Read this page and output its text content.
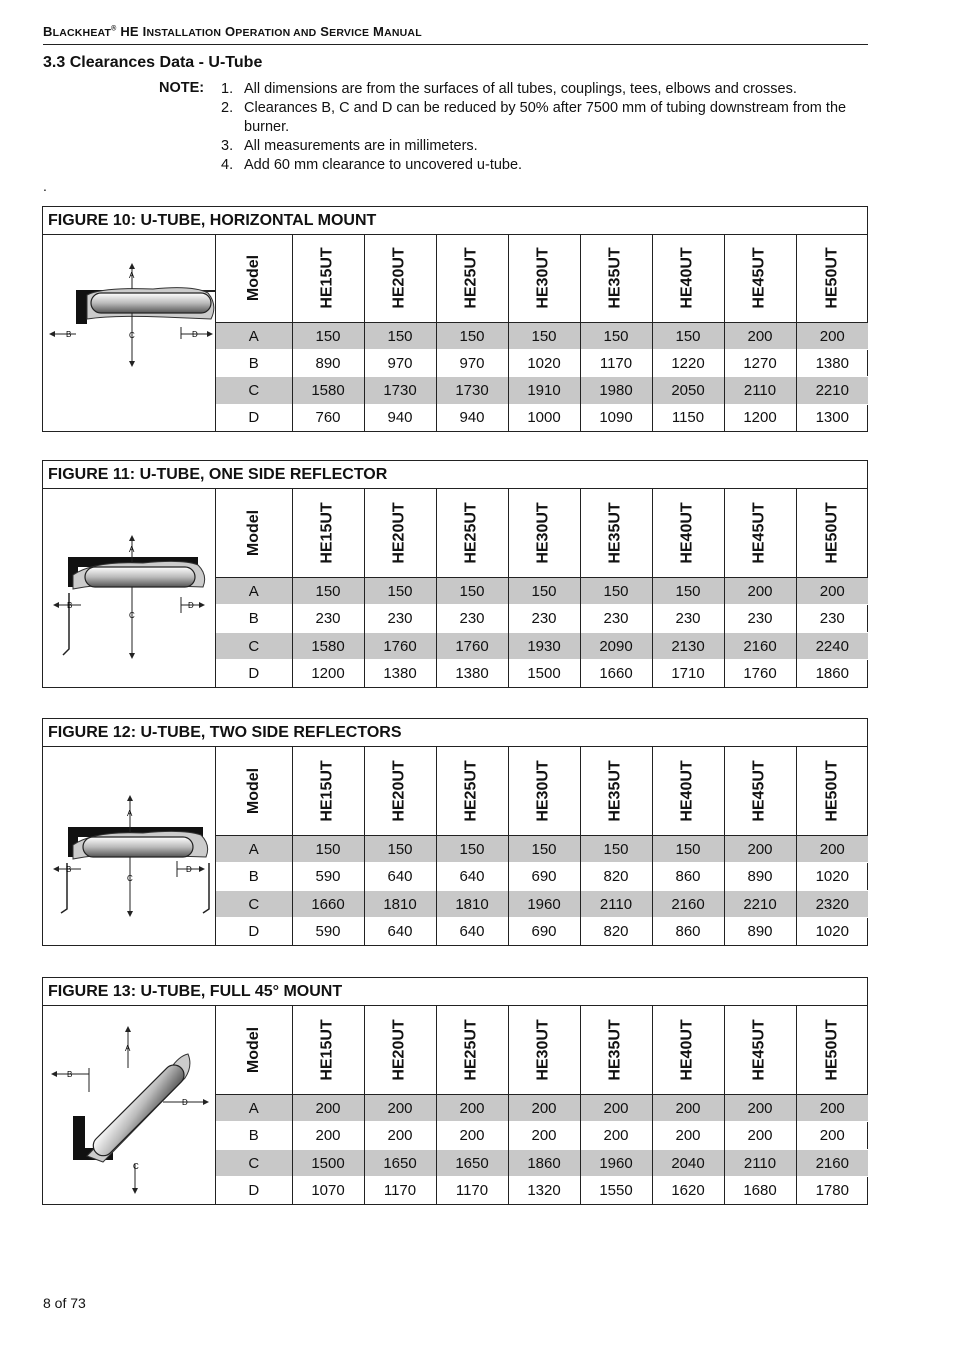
BLACKHEAT® HE INSTALLATION OPERATION AND SERVICE MANUAL
3.3 Clearances Data - U-Tube
NOTE: 1. All dimensions are from the surfaces of all tubes, couplings, tees, elbows and crosses.
2. Clearances B, C and D can be reduced by 50% after 7500 mm of tubing downstream from the burner.
3. All measurements are in millimeters.
4. Add 60 mm clearance to uncovered u-tube.
.
FIGURE 10: U-TUBE, HORIZONTAL MOUNT
A
C
B	D
Model	HE15UT	HE20UT	HE25UT	HE30UT	HE35UT	HE40UT	HE45UT	HE50UT
A	150	150	150	150	150	150	200	200
B	890	970	970	1020	1170	1220	1270	1380
C	1580	1730	1730	1910	1980	2050	2110	2210
D	760	940	940	1000	1090	1150	1200	1300
FIGURE 11: U-TUBE, ONE SIDE REFLECTOR
A
C
B	D
Model	HE15UT	HE20UT	HE25UT	HE30UT	HE35UT	HE40UT	HE45UT	HE50UT
A	150	150	150	150	150	150	200	200
B	230	230	230	230	230	230	230	230
C	1580	1760	1760	1930	2090	2130	2160	2240
D	1200	1380	1380	1500	1660	1710	1760	1860
FIGURE 12: U-TUBE, TWO SIDE REFLECTORS
A
C
B	D
Model	HE15UT	HE20UT	HE25UT	HE30UT	HE35UT	HE40UT	HE45UT	HE50UT
A	150	150	150	150	150	150	200	200
B	590	640	640	690	820	860	890	1020
C	1660	1810	1810	1960	2110	2160	2210	2320
D	590	640	640	690	820	860	890	1020
FIGURE 13: U-TUBE, FULL 45° MOUNT
A
C
B
D
Model	HE15UT	HE20UT	HE25UT	HE30UT	HE35UT	HE40UT	HE45UT	HE50UT
A	200	200	200	200	200	200	200	200
B	200	200	200	200	200	200	200	200
C	1500	1650	1650	1860	1960	2040	2110	2160
D	1070	1170	1170	1320	1550	1620	1680	1780
8 of 73
